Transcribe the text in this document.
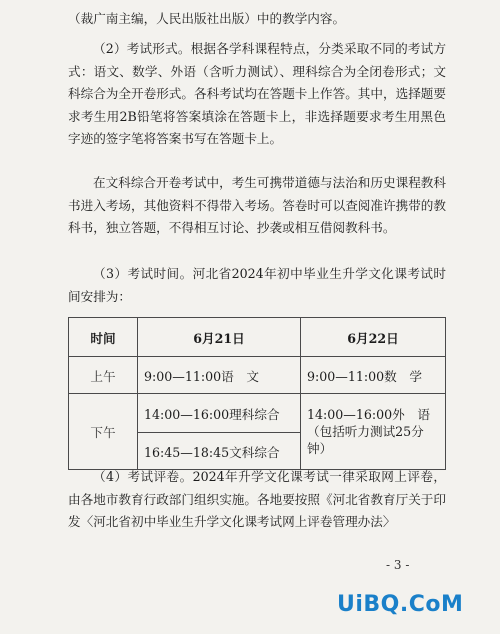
（裁广南主编，人民出版社出版）中的教学内容。

（2）考试形式。根据各学科课程特点，分类采取不同的考试方式：语文、数学、外语（含听力测试）、理科综合为全闭卷形式；文科综合为全开卷形式。各科考试均在答题卡上作答。其中，选择题要求考生用2B铅笔将答案填涂在答题卡上，非选择题要求考生用黑色字迹的签字笔将答案书写在答题卡上。

在文科综合开卷考试中，考生可携带道德与法治和历史课程教科书进入考场，其他资料不得带入考场。答卷时可以查阅准许携带的教科书，独立答题，不得相互讨论、抄袭或相互借阅教科书。

（3）考试时间。河北省2024年初中毕业生升学文化课考试时间安排为：

时间	6月21日	6月22日
上午	9:00—11:00语　文	9:00—11:00数　学
下午	14:00—16:00理科综合	14:00—16:00外　语
（包括听力测试25分钟）

	16:45—18:45文科综合	

（4）考试评卷。2024年升学文化课考试一律采取网上评卷，由各地市教育行政部门组织实施。各地要按照《河北省教育厅关于印发〈河北省初中毕业生升学文化课考试网上评卷管理办法〉

- 3 -
UiBQ.CoM
